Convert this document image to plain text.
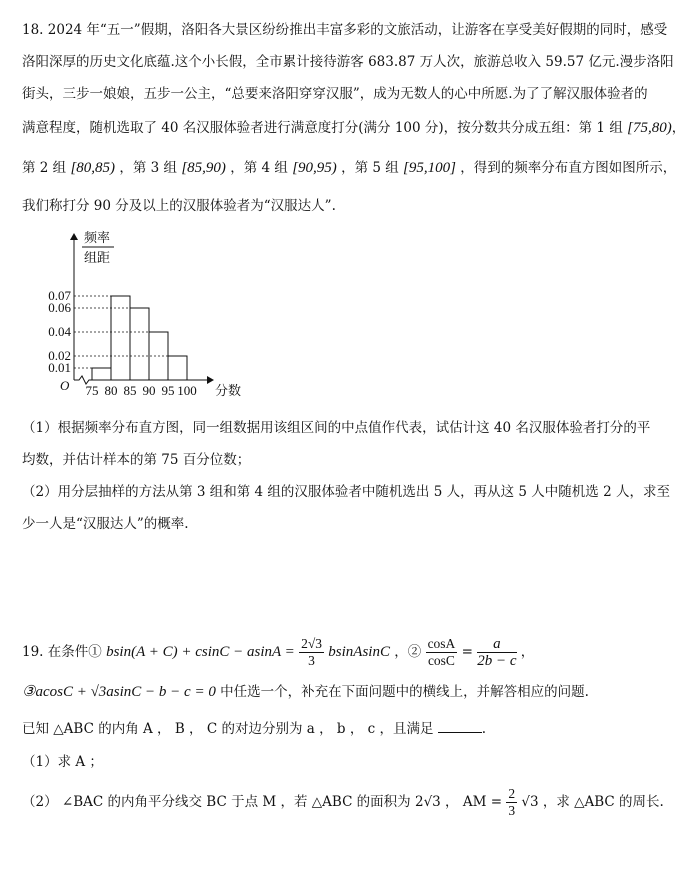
18. 2024 年“五一”假期，洛阳各大景区纷纷推出丰富多彩的文旅活动，让游客在享受美好假期的同时，感受
洛阳深厚的历史文化底蕴.这个小长假，全市累计接待游客 683.87 万人次，旅游总收入 59.57 亿元.漫步洛阳
街头，三步一娘娘，五步一公主，“总要来洛阳穿穿汉服”，成为无数人的心中所愿.为了了解汉服体验者的
满意程度，随机选取了 40 名汉服体验者进行满意度打分(满分 100 分)，按分数共分成五组：第 1 组 [75,80)，
第 2 组 [80,85) ，第 3 组 [85,90) ，第 4 组 [90,95) ，第 5 组 [95,100] ，得到的频率分布直方图如图所示，
我们称打分 90 分及以上的汉服体验者为“汉服达人”.
0.07
0.06
0.04
0.02
0.01
75 80 85 90 95 100
频率
组距
分数
O
（1）根据频率分布直方图，同一组数据用该组区间的中点值作代表，试估计这 40 名汉服体验者打分的平
均数，并估计样本的第 75 百分位数；
（2）用分层抽样的方法从第 3 组和第 4 组的汉服体验者中随机选出 5 人，再从这 5 人中随机选 2 人，求至
少一人是“汉服达人”的概率.
19. 在条件① $bsin(A + C) + csinC - asinA = \frac{2√3}{3}$ bsinAsinC ，② $\frac{\cos A}{\cos C} = \frac{a}{2b - c}$ ，
③acosC + √3asinC − b − c = 0 中任选一个，补充在下面问题中的横线上，并解答相应的问题.
已知 △ABC 的内角 A ， B ， C 的对边分别为 a ， b ， c ，且满足	.
（1）求 A ；
（2） ∠BAC 的内角平分线交 BC 于点 M ，若 △ABC 的面积为 2√3 ， AM = $\frac{2}{3} √3$ ，求 △ABC 的周长.
